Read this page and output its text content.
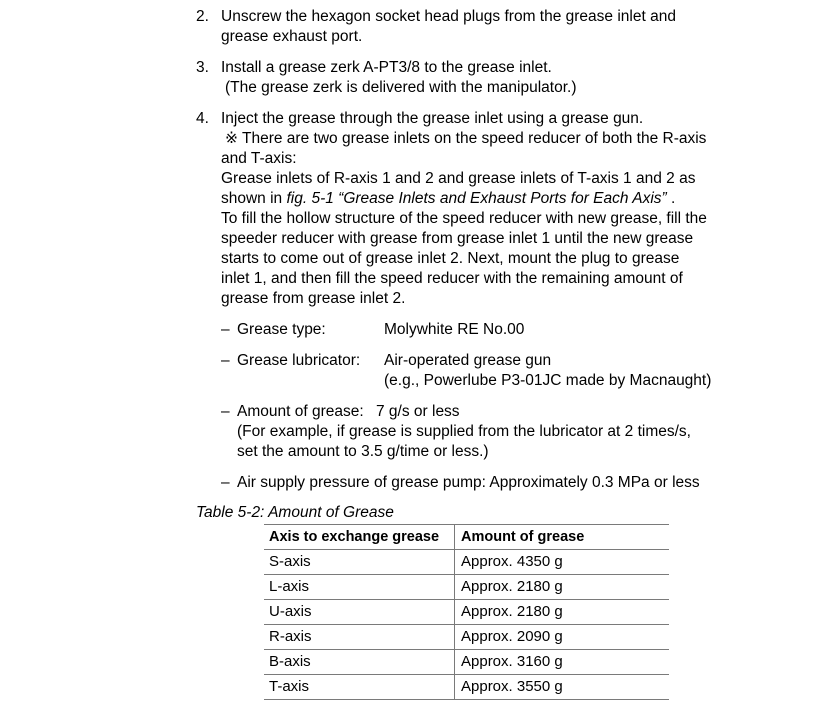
2. Unscrew the hexagon socket head plugs from the grease inlet and
grease exhaust port.
3. Install a grease zerk A-PT3/8 to the grease inlet.
(The grease zerk is delivered with the manipulator.)
4. Inject the grease through the grease inlet using a grease gun.
※ There are two grease inlets on the speed reducer of both the R-axis
and T-axis:
Grease inlets of R-axis 1 and 2 and grease inlets of T-axis 1 and 2 as
shown in fig. 5-1 “Grease Inlets and Exhaust Ports for Each Axis” .
To fill the hollow structure of the speed reducer with new grease, fill the
speeder reducer with grease from grease inlet 1 until the new grease
starts to come out of grease inlet 2. Next, mount the plug to grease
inlet 1, and then fill the speed reducer with the remaining amount of
grease from grease inlet 2.
– Grease type:	Molywhite RE No.00
– Grease lubricator: Air-operated grease gun
(e.g., Powerlube P3-01JC made by Macnaught)
– Amount of grease: 7 g/s or less
(For example, if grease is supplied from the lubricator at 2 times/s,
set the amount to 3.5 g/time or less.)
– Air supply pressure of grease pump: Approximately 0.3 MPa or less
Table 5-2: Amount of Grease
Axis to exchange grease	Amount of grease
S-axis	Approx. 4350 g
L-axis	Approx. 2180 g
U-axis	Approx. 2180 g
R-axis	Approx. 2090 g
B-axis	Approx. 3160 g
T-axis	Approx. 3550 g
